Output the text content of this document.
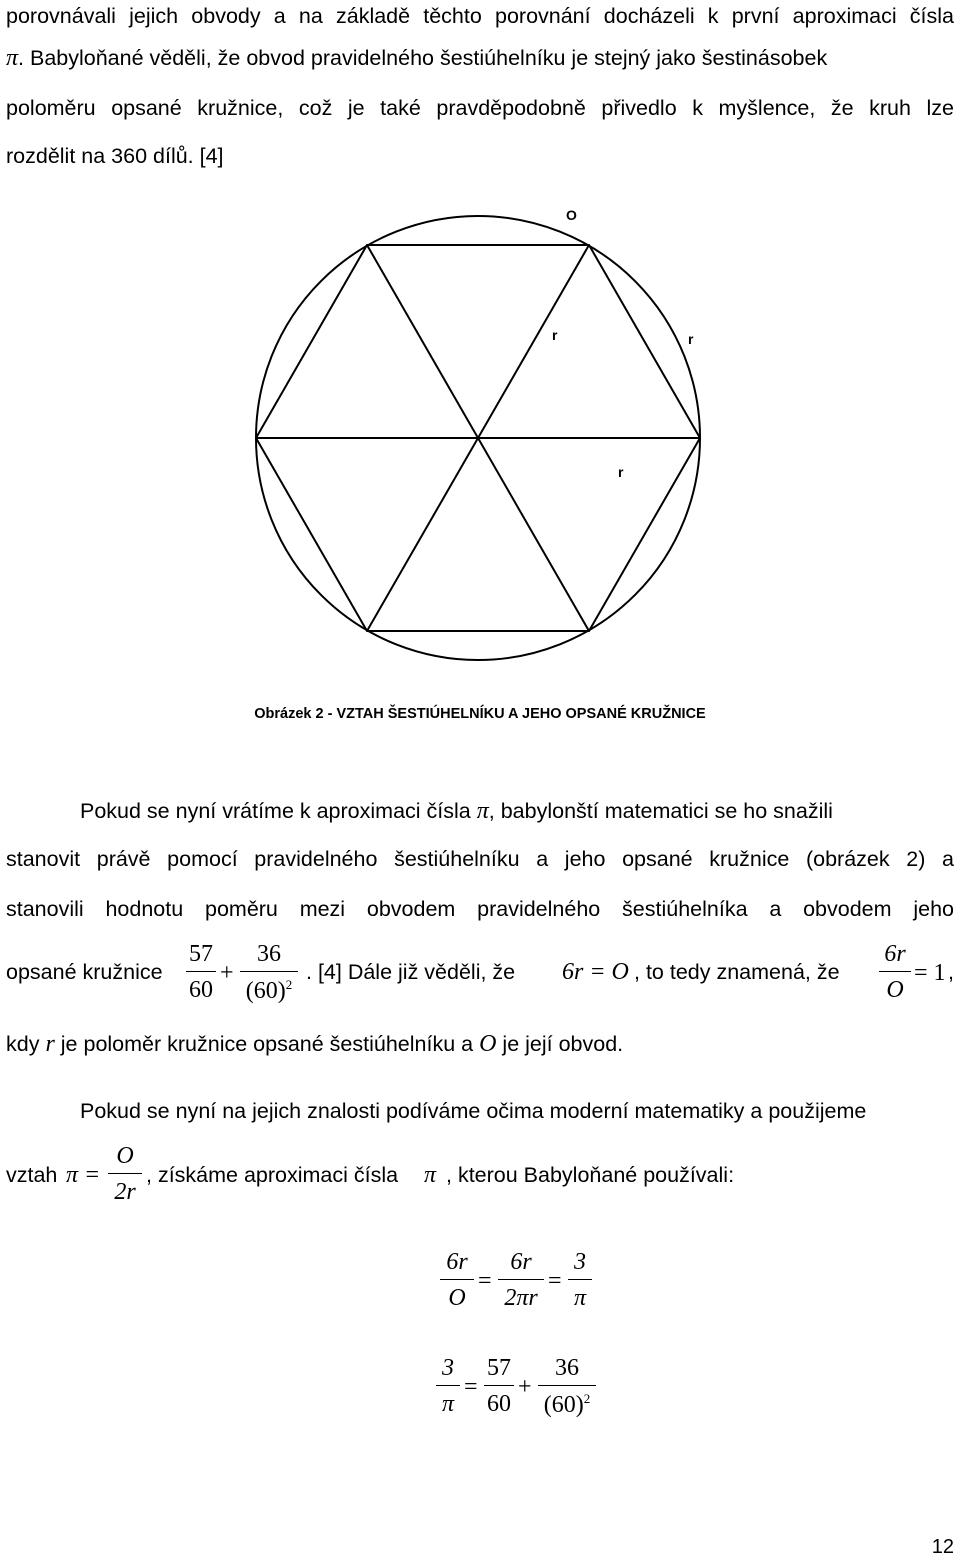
porovnávali jejich obvody a na základě těchto porovnání docházeli k první aproximaci čísla
π. Babyloňané věděli, že obvod pravidelného šestiúhelníku je stejný jako šestinásobek
poloměru opsané kružnice, což je také pravděpodobně přivedlo k myšlence, že kruh lze
rozdělit na 360 dílů. [4]
O
r	r
r
Obrázek 2 - VZTAH ŠESTIÚHELNÍKU A JEHO OPSANÉ KRUŽNICE
Pokud se nyní vrátíme k aproximaci čísla π, babylonští matematici se ho snažili
stanovit právě pomocí pravidelného šestiúhelníku a jeho opsané kružnice (obrázek 2) a
stanovili hodnotu poměru mezi obvodem pravidelného šestiúhelníka a obvodem jeho
opsané kružnice
57
60
+
36
$(60)^2$
. [4] Dále již věděli, že 6r = O , to tedy znamená, že
6r
O
= 1 ,
kdy r je poloměr kružnice opsané šestiúhelníku a O je její obvod.
Pokud se nyní na jejich znalosti podíváme očima moderní matematiky a použijeme
vztah π =
O
2r
, získáme aproximaci čísla π , kterou Babyloňané používali:
6r
O
=
6r
2πr
=
3
π
3
π
=
57
60
+
36
$(60)^2$
12
